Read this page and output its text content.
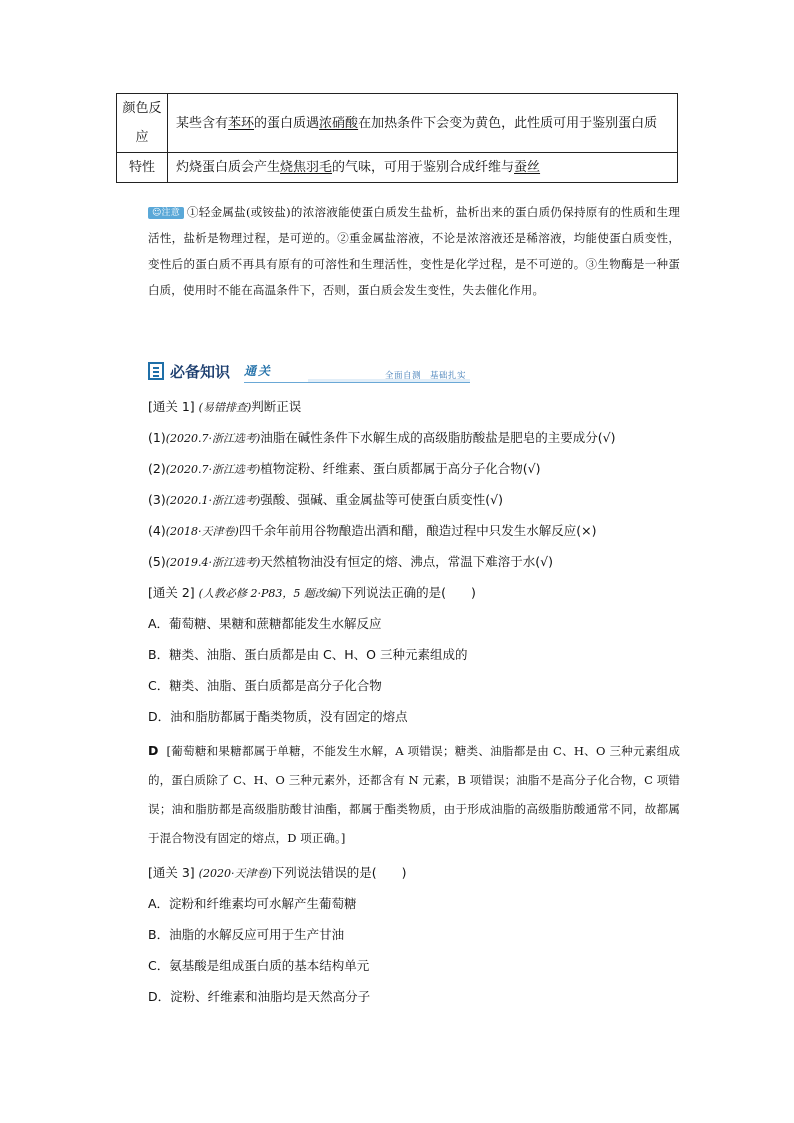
颜色反应	某些含有苯环的蛋白质遇浓硝酸在加热条件下会变为黄色，此性质可用于鉴别蛋白质
特性	灼烧蛋白质会产生烧焦羽毛的气味，可用于鉴别合成纤维与蚕丝
☺注意 ①轻金属盐(或铵盐)的浓溶液能使蛋白质发生盐析，盐析出来的蛋白质仍保持原有的性质和生理活性，盐析是物理过程，是可逆的。②重金属盐溶液，不论是浓溶液还是稀溶液，均能使蛋白质变性，变性后的蛋白质不再具有原有的可溶性和生理活性，变性是化学过程，是不可逆的。③生物酶是一种蛋白质，使用时不能在高温条件下，否则，蛋白质会发生变性，失去催化作用。
必备知识 通关	全面自测　基础扎实
[通关 1] (易错排查)判断正误
(1)(2020.7·浙江选考)油脂在碱性条件下水解生成的高级脂肪酸盐是肥皂的主要成分(√)
(2)(2020.7·浙江选考)植物淀粉、纤维素、蛋白质都属于高分子化合物(√)
(3)(2020.1·浙江选考)强酸、强碱、重金属盐等可使蛋白质变性(√)
(4)(2018·天津卷)四千余年前用谷物酿造出酒和醋，酿造过程中只发生水解反应(×)
(5)(2019.4·浙江选考)天然植物油没有恒定的熔、沸点，常温下难溶于水(√)
[通关 2] (人教必修 2·P83，5 题改编)下列说法正确的是(　　)
A．葡萄糖、果糖和蔗糖都能发生水解反应
B．糖类、油脂、蛋白质都是由 C、H、O 三种元素组成的
C．糖类、油脂、蛋白质都是高分子化合物
D．油和脂肪都属于酯类物质，没有固定的熔点
D [葡萄糖和果糖都属于单糖，不能发生水解，A 项错误；糖类、油脂都是由 C、H、O 三种元素组成的，蛋白质除了 C、H、O 三种元素外，还都含有 N 元素，B 项错误；油脂不是高分子化合物，C 项错误；油和脂肪都是高级脂肪酸甘油酯，都属于酯类物质，由于形成油脂的高级脂肪酸通常不同，故都属于混合物没有固定的熔点，D 项正确。]
[通关 3] (2020·天津卷)下列说法错误的是(　　)
A．淀粉和纤维素均可水解产生葡萄糖
B．油脂的水解反应可用于生产甘油
C．氨基酸是组成蛋白质的基本结构单元
D．淀粉、纤维素和油脂均是天然高分子
